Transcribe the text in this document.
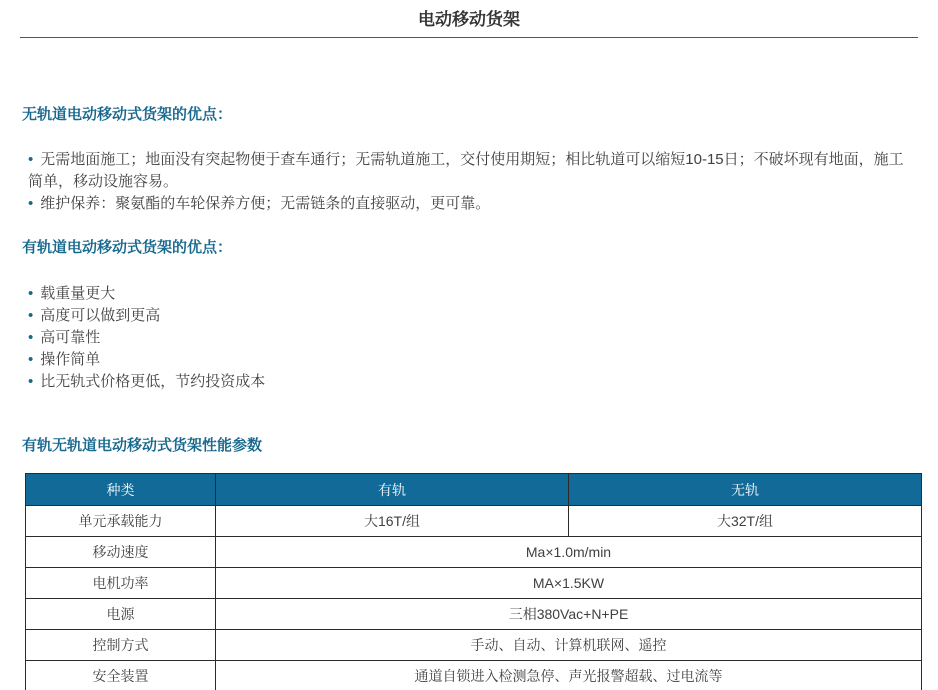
电动移动货架
无轨道电动移动式货架的优点：
• 无需地面施工；地面没有突起物便于查车通行；无需轨道施工，交付使用期短；相比轨道可以缩短10-15日；不破坏现有地面，施工简单，移动设施容易。
• 维护保养：聚氨酯的车轮保养方便；无需链条的直接驱动，更可靠。
有轨道电动移动式货架的优点：
• 载重量更大
• 高度可以做到更高
• 高可靠性
• 操作简单
• 比无轨式价格更低，节约投资成本
有轨无轨道电动移动式货架性能参数
种类	有轨	无轨
单元承载能力	大16T/组	大32T/组
移动速度	Ma×1.0m/min	
电机功率	MA×1.5KW	
电源	三相380Vac+N+PE	
控制方式	手动、自动、计算机联网、遥控	
安全装置	通道自锁进入检测急停、声光报警超载、过电流等	
